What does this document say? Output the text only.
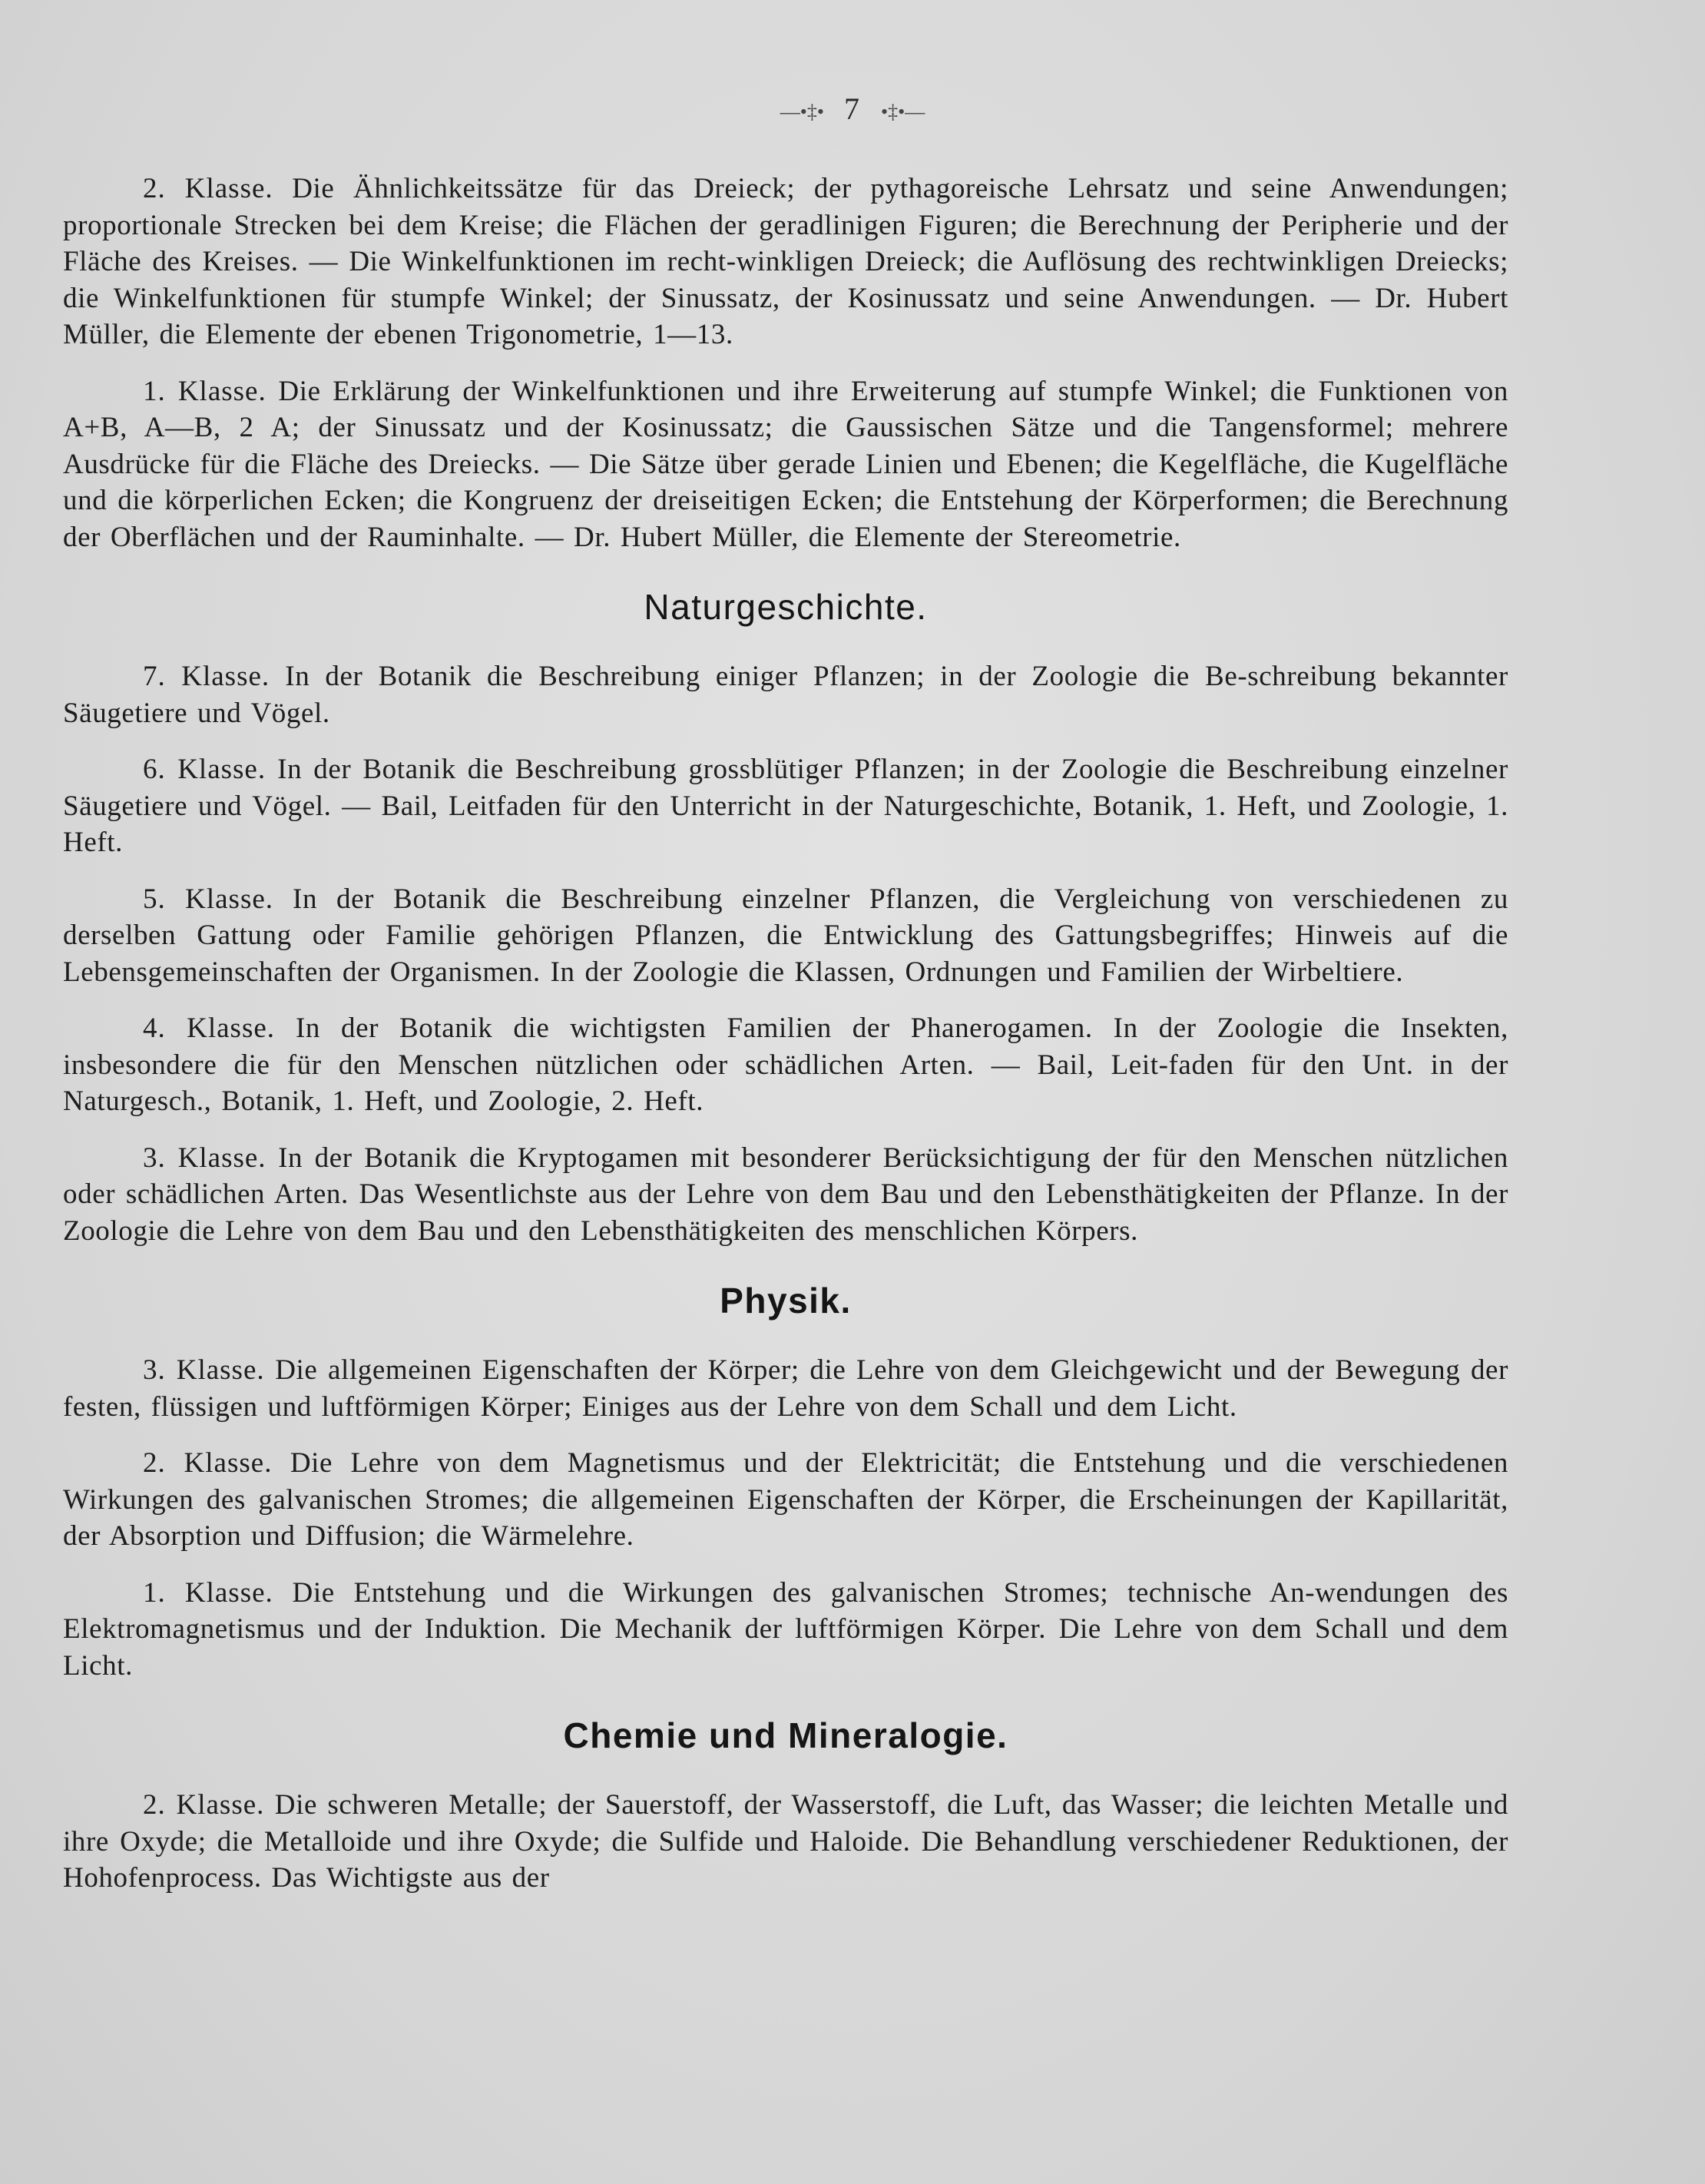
—•‡• 7 •‡•—

2. Klasse. Die Ähnlichkeitssätze für das Dreieck; der pythagoreische Lehrsatz und seine Anwendungen; proportionale Strecken bei dem Kreise; die Flächen der geradlinigen Figuren; die Berechnung der Peripherie und der Fläche des Kreises. — Die Winkelfunktionen im recht-winkligen Dreieck; die Auflösung des rechtwinkligen Dreiecks; die Winkelfunktionen für stumpfe Winkel; der Sinussatz, der Kosinussatz und seine Anwendungen. — Dr. Hubert Müller, die Elemente der ebenen Trigonometrie, 1—13.

1. Klasse. Die Erklärung der Winkelfunktionen und ihre Erweiterung auf stumpfe Winkel; die Funktionen von A+B, A—B, 2 A; der Sinussatz und der Kosinussatz; die Gaussischen Sätze und die Tangensformel; mehrere Ausdrücke für die Fläche des Dreiecks. — Die Sätze über gerade Linien und Ebenen; die Kegelfläche, die Kugelfläche und die körperlichen Ecken; die Kongruenz der dreiseitigen Ecken; die Entstehung der Körperformen; die Berechnung der Oberflächen und der Rauminhalte. — Dr. Hubert Müller, die Elemente der Stereometrie.

Naturgeschichte.

7. Klasse. In der Botanik die Beschreibung einiger Pflanzen; in der Zoologie die Be-schreibung bekannter Säugetiere und Vögel.

6. Klasse. In der Botanik die Beschreibung grossblütiger Pflanzen; in der Zoologie die Beschreibung einzelner Säugetiere und Vögel. — Bail, Leitfaden für den Unterricht in der Naturgeschichte, Botanik, 1. Heft, und Zoologie, 1. Heft.

5. Klasse. In der Botanik die Beschreibung einzelner Pflanzen, die Vergleichung von verschiedenen zu derselben Gattung oder Familie gehörigen Pflanzen, die Entwicklung des Gattungsbegriffes; Hinweis auf die Lebensgemeinschaften der Organismen. In der Zoologie die Klassen, Ordnungen und Familien der Wirbeltiere.

4. Klasse. In der Botanik die wichtigsten Familien der Phanerogamen. In der Zoologie die Insekten, insbesondere die für den Menschen nützlichen oder schädlichen Arten. — Bail, Leit-faden für den Unt. in der Naturgesch., Botanik, 1. Heft, und Zoologie, 2. Heft.

3. Klasse. In der Botanik die Kryptogamen mit besonderer Berücksichtigung der für den Menschen nützlichen oder schädlichen Arten. Das Wesentlichste aus der Lehre von dem Bau und den Lebensthätigkeiten der Pflanze. In der Zoologie die Lehre von dem Bau und den Lebensthätigkeiten des menschlichen Körpers.

Physik.

3. Klasse. Die allgemeinen Eigenschaften der Körper; die Lehre von dem Gleichgewicht und der Bewegung der festen, flüssigen und luftförmigen Körper; Einiges aus der Lehre von dem Schall und dem Licht.

2. Klasse. Die Lehre von dem Magnetismus und der Elektricität; die Entstehung und die verschiedenen Wirkungen des galvanischen Stromes; die allgemeinen Eigenschaften der Körper, die Erscheinungen der Kapillarität, der Absorption und Diffusion; die Wärmelehre.

1. Klasse. Die Entstehung und die Wirkungen des galvanischen Stromes; technische An-wendungen des Elektromagnetismus und der Induktion. Die Mechanik der luftförmigen Körper. Die Lehre von dem Schall und dem Licht.

Chemie und Mineralogie.

2. Klasse. Die schweren Metalle; der Sauerstoff, der Wasserstoff, die Luft, das Wasser; die leichten Metalle und ihre Oxyde; die Metalloide und ihre Oxyde; die Sulfide und Haloide. Die Behandlung verschiedener Reduktionen, der Hohofenprocess. Das Wichtigste aus der
